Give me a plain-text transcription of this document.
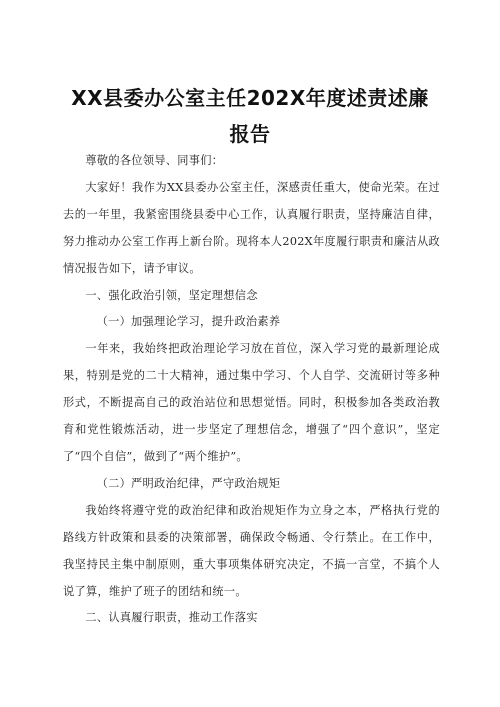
XX县委办公室主任202X年度述责述廉
报告

尊敬的各位领导、同事们：

大家好！我作为XX县委办公室主任，深感责任重大，使命光荣。在过去的一年里，我紧密围绕县委中心工作，认真履行职责，坚持廉洁自律，努力推动办公室工作再上新台阶。现将本人202X年度履行职责和廉洁从政情况报告如下，请予审议。

一、强化政治引领，坚定理想信念

（一）加强理论学习，提升政治素养

一年来，我始终把政治理论学习放在首位，深入学习党的最新理论成果，特别是党的二十大精神，通过集中学习、个人自学、交流研讨等多种形式，不断提高自己的政治站位和思想觉悟。同时，积极参加各类政治教育和党性锻炼活动，进一步坚定了理想信念，增强了“四个意识”，坚定了“四个自信”，做到了“两个维护”。

（二）严明政治纪律，严守政治规矩

我始终将遵守党的政治纪律和政治规矩作为立身之本，严格执行党的路线方针政策和县委的决策部署，确保政令畅通、令行禁止。在工作中，我坚持民主集中制原则，重大事项集体研究决定，不搞一言堂，不搞个人说了算，维护了班子的团结和统一。

二、认真履行职责，推动工作落实
